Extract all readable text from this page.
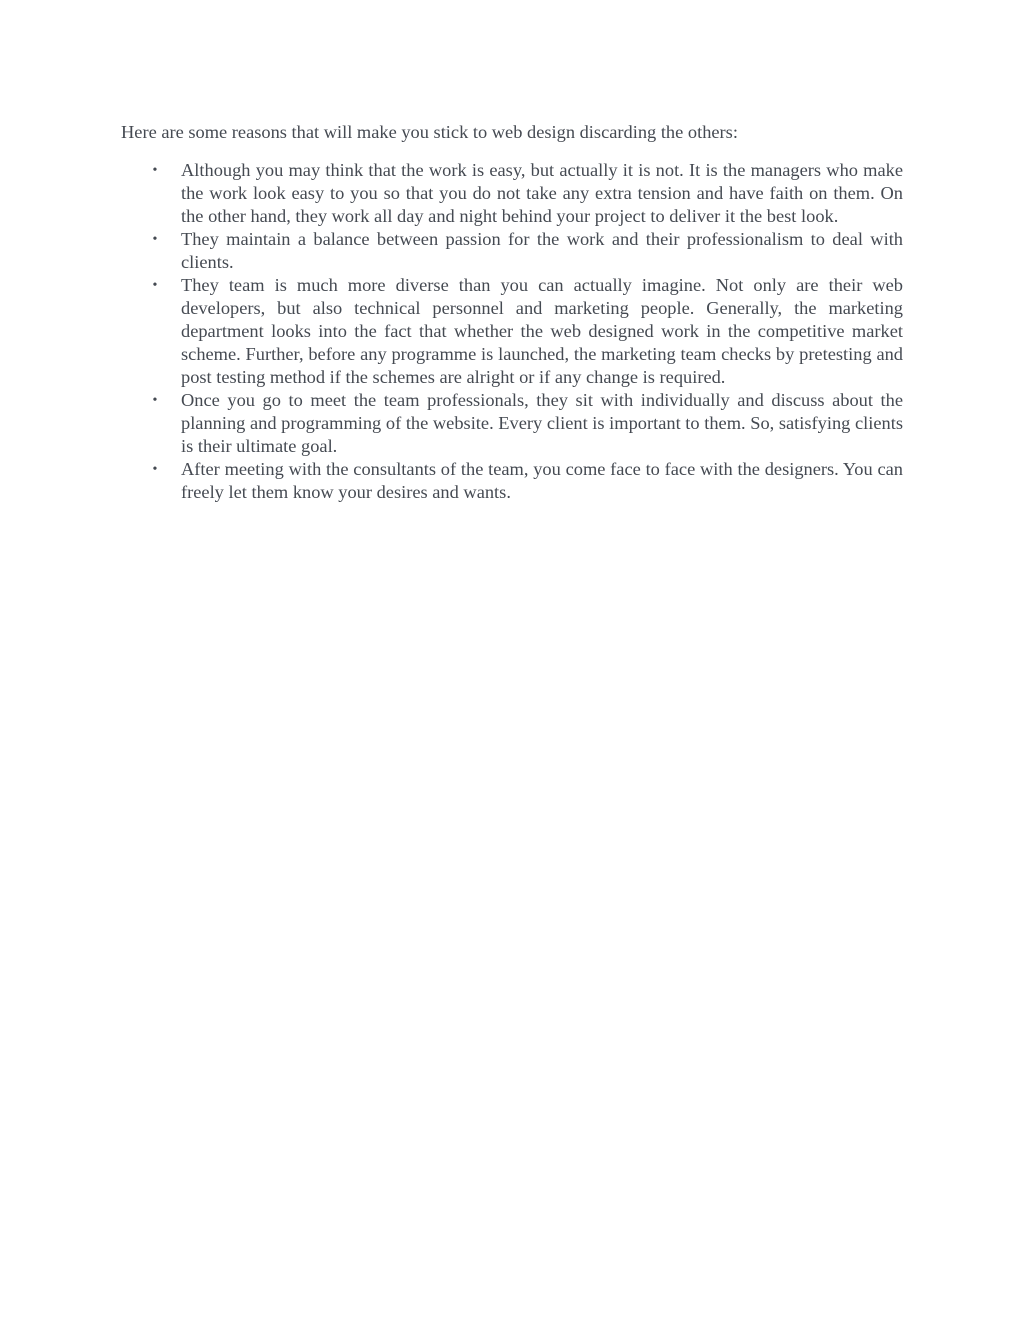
Here are some reasons that will make you stick to web design discarding the others:

• Although you may think that the work is easy, but actually it is not. It is the managers who make the work look easy to you so that you do not take any extra tension and have faith on them. On the other hand, they work all day and night behind your project to deliver it the best look.
• They maintain a balance between passion for the work and their professionalism to deal with clients.
• They team is much more diverse than you can actually imagine. Not only are their web developers, but also technical personnel and marketing people. Generally, the marketing department looks into the fact that whether the web designed work in the competitive market scheme. Further, before any programme is launched, the marketing team checks by pretesting and post testing method if the schemes are alright or if any change is required.
• Once you go to meet the team professionals, they sit with individually and discuss about the planning and programming of the website. Every client is important to them. So, satisfying clients is their ultimate goal.
• After meeting with the consultants of the team, you come face to face with the designers. You can freely let them know your desires and wants.
